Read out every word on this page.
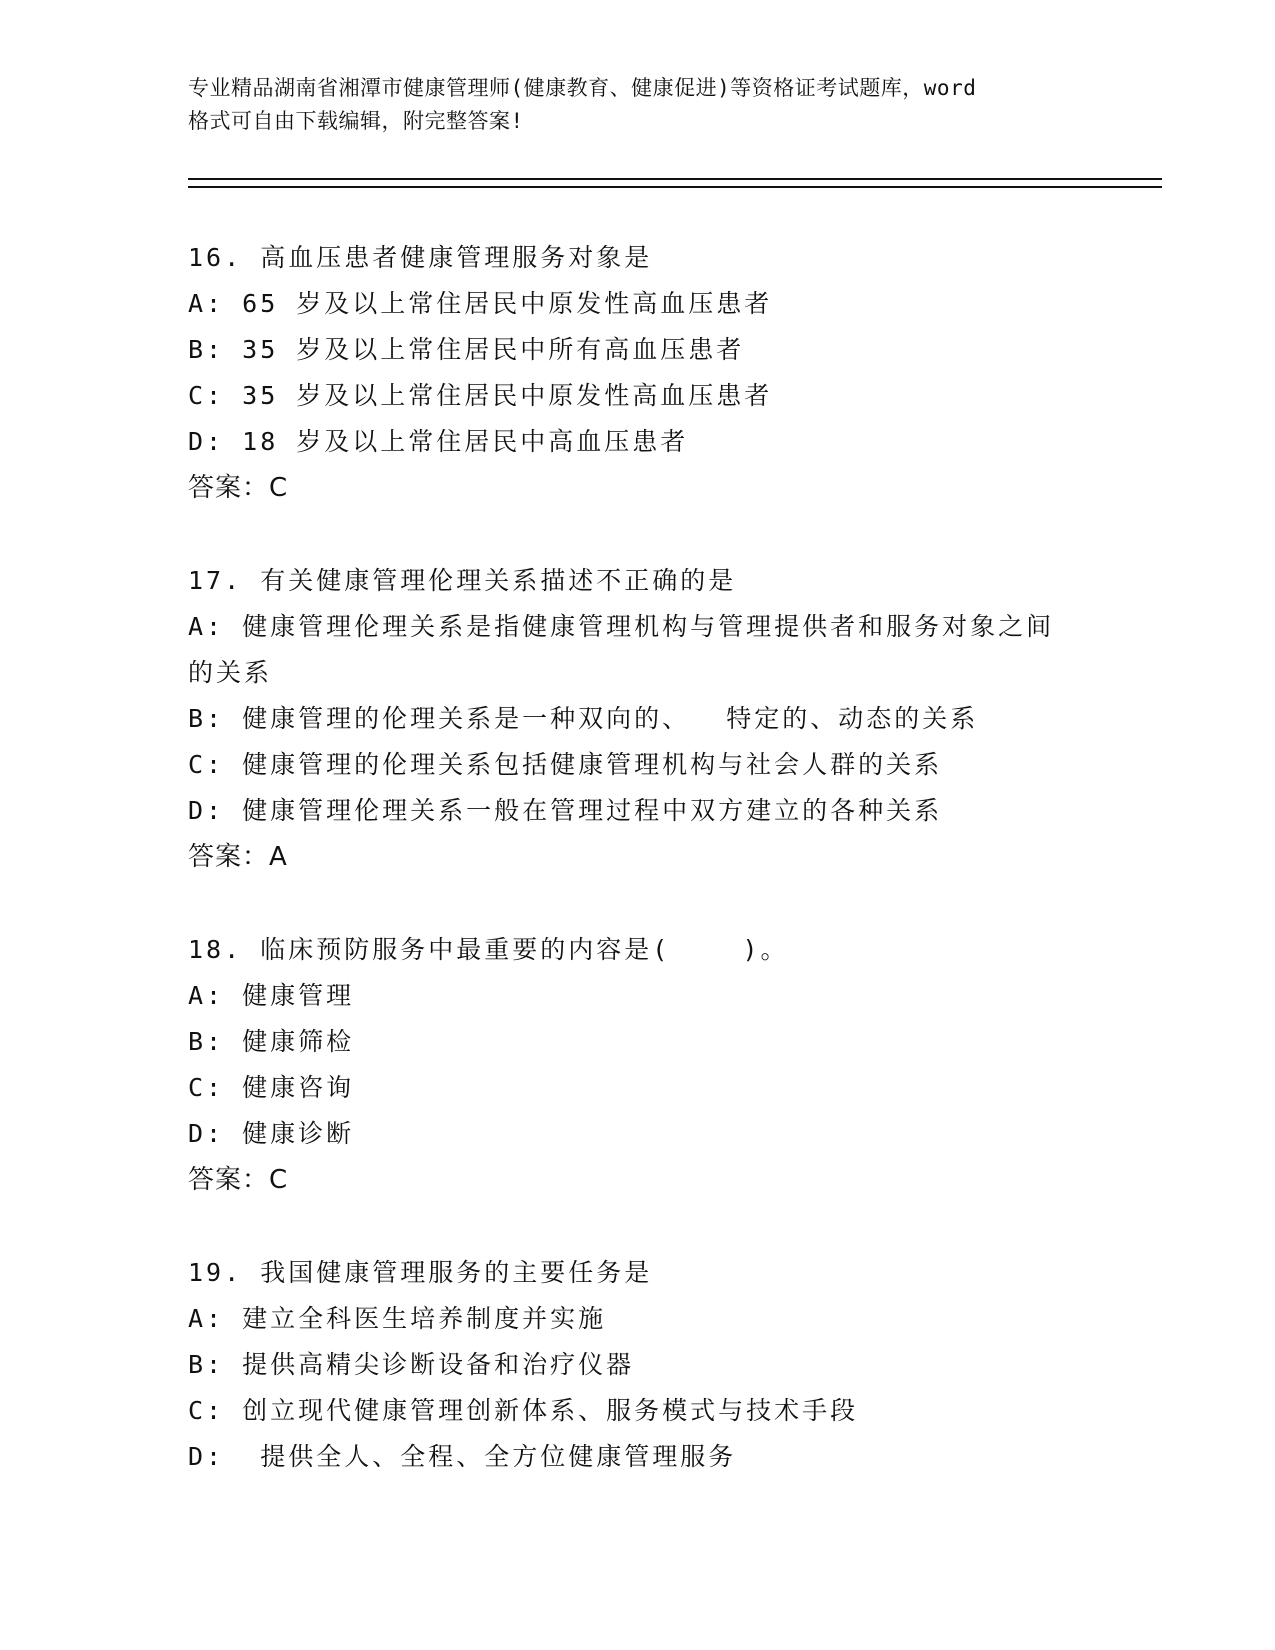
专业精品湖南省湘潭市健康管理师(健康教育、健康促进)等资格证考试题库，word
格式可自由下载编辑，附完整答案!
16. 高血压患者健康管理服务对象是
A: 65 岁及以上常住居民中原发性高血压患者
B: 35 岁及以上常住居民中所有高血压患者
C: 35 岁及以上常住居民中原发性高血压患者
D: 18 岁及以上常住居民中高血压患者
答案：C
17. 有关健康管理伦理关系描述不正确的是
A: 健康管理伦理关系是指健康管理机构与管理提供者和服务对象之间
的关系
B: 健康管理的伦理关系是一种双向的、  特定的、动态的关系
C: 健康管理的伦理关系包括健康管理机构与社会人群的关系
D: 健康管理伦理关系一般在管理过程中双方建立的各种关系
答案：A
18. 临床预防服务中最重要的内容是(    )。
A: 健康管理
B: 健康筛检
C: 健康咨询
D: 健康诊断
答案：C
19. 我国健康管理服务的主要任务是
A: 建立全科医生培养制度并实施
B: 提供高精尖诊断设备和治疗仪器
C: 创立现代健康管理创新体系、服务模式与技术手段
D:  提供全人、全程、全方位健康管理服务
